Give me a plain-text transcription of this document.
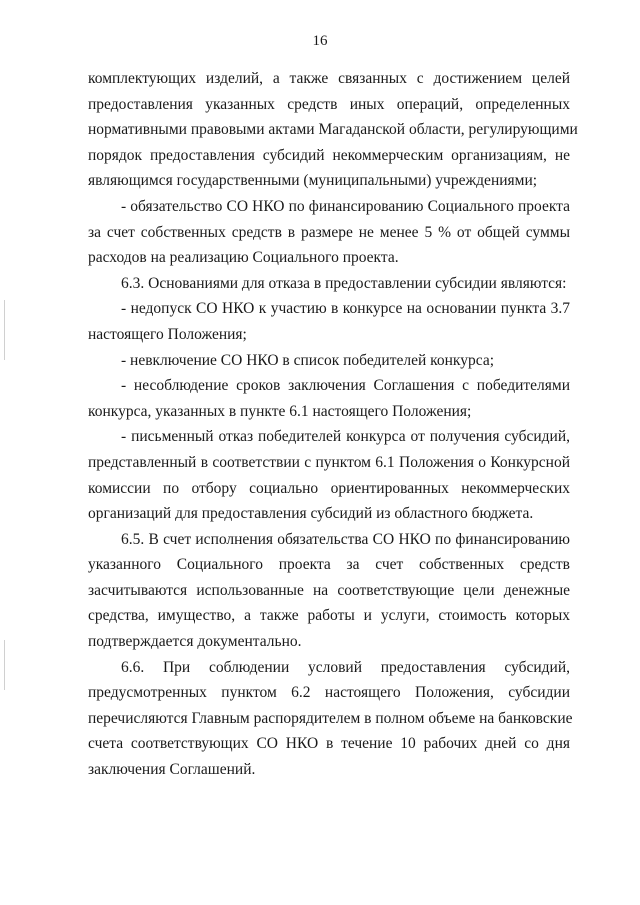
16
комплектующих изделий, а также связанных с достижением целей
предоставления указанных средств иных операций, определенных
нормативными правовыми актами Магаданской области, регулирующими
порядок предоставления субсидий некоммерческим организациям, не
являющимся государственными (муниципальными) учреждениями;
- обязательство СО НКО по финансированию Социального проекта
за счет собственных средств в размере не менее 5 % от общей суммы
расходов на реализацию Социального проекта.
6.3. Основаниями для отказа в предоставлении субсидии являются:
- недопуск СО НКО к участию в конкурсе на основании пункта 3.7
настоящего Положения;
- невключение СО НКО в список победителей конкурса;
- несоблюдение сроков заключения Соглашения с победителями
конкурса, указанных в пункте 6.1 настоящего Положения;
- письменный отказ победителей конкурса от получения субсидий,
представленный в соответствии с пунктом 6.1 Положения о Конкурсной
комиссии по отбору социально ориентированных некоммерческих
организаций для предоставления субсидий из областного бюджета.
6.5. В счет исполнения обязательства СО НКО по финансированию
указанного Социального проекта за счет собственных средств
засчитываются использованные на соответствующие цели денежные
средства, имущество, а также работы и услуги, стоимость которых
подтверждается документально.
6.6. При соблюдении условий предоставления субсидий,
предусмотренных пунктом 6.2 настоящего Положения, субсидии
перечисляются Главным распорядителем в полном объеме на банковские
счета соответствующих СО НКО в течение 10 рабочих дней со дня
заключения Соглашений.
